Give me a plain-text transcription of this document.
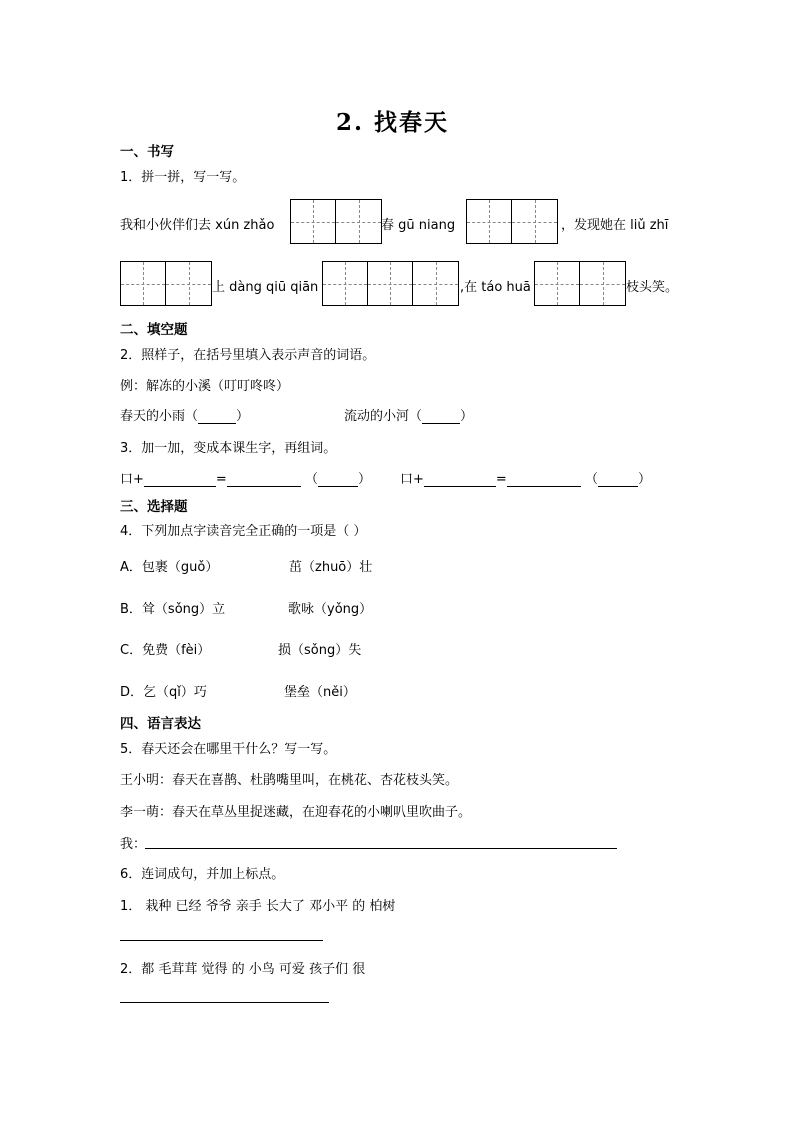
2. 找春天
一、书写
1．拼一拼，写一写。
我和小伙伴们去 xún zhǎo	春 gū niang	，发现她在 liǔ zhī
上 dàng qiū qiān	,在 táo huā	枝头笑。
二、填空题
2．照样子，在括号里填入表示声音的词语。
例：解冻的小溪（叮叮咚咚）
春天的小雨（	）	流动的小河（	）
3．加一加，变成本课生字，再组词。
口+	=	（	） 口+	=	（	）
三、选择题
4．下列加点字读音完全正确的一项是（ ）
A．包裹（guǒ）	茁（zhuō）壮
B．耸（sǒng）立	歌咏（yǒng）
C．免费（fèi）	损（sǒng）失
D．乞（qǐ）巧	堡垒（něi）
四、语言表达
5．春天还会在哪里干什么？写一写。
王小明：春天在喜鹊、杜鹃嘴里叫，在桃花、杏花枝头笑。
李一萌：春天在草丛里捉迷藏，在迎春花的小喇叭里吹曲子。
我：
6．连词成句，并加上标点。
1． 栽种 已经 爷爷 亲手 长大了 邓小平 的 柏树
2．都 毛茸茸 觉得 的 小鸟 可爱 孩子们 很
